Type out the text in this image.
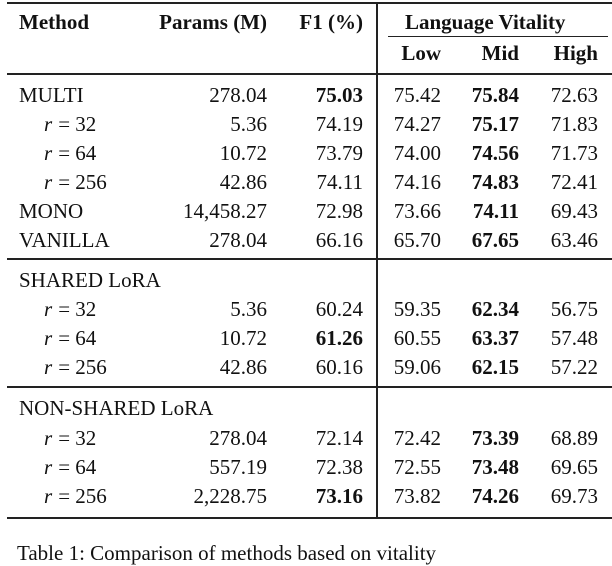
Method	Params (M) F1 (%) Language Vitality
Low Mid High
MULTI	278.04 75.03 75.42 75.84 72.63
r = 32	5.36 74.19 74.27 75.17 71.83
r = 64	10.72 73.79 74.00 74.56 71.73
r = 256	42.86 74.11 74.16 74.83 72.41
MONO	14,458.27 72.98 73.66 74.11 69.43
VANILLA	278.04 66.16 65.70 67.65 63.46
SHARED LoRA
r = 32	5.36 60.24 59.35 62.34 56.75
r = 64	10.72 61.26 60.55 63.37 57.48
r = 256	42.86 60.16 59.06 62.15 57.22
NON-SHARED LoRA
r = 32	278.04 72.14 72.42 73.39 68.89
r = 64	557.19 72.38 72.55 73.48 69.65
r = 256	2,228.75 73.16 73.82 74.26 69.73
Table 1: Comparison of methods based on vitality
